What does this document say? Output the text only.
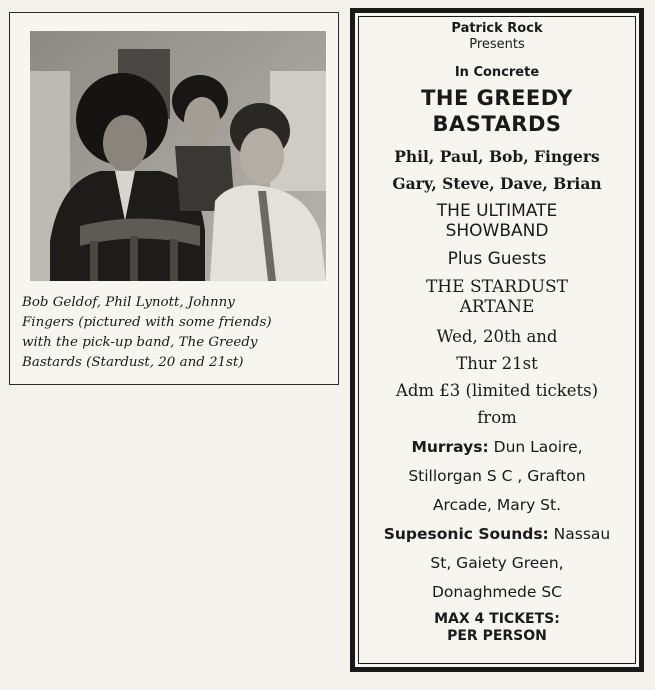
Bob Geldof, Phil Lynott, Johnny
Fingers (pictured with some friends)
with the pick-up band, The Greedy
Bastards (Stardust, 20 and 21st)
Patrick Rock
Presents
In Concrete
THE GREEDY
BASTARDS
Phil, Paul, Bob, Fingers
Gary, Steve, Dave, Brian
THE ULTIMATE
SHOWBAND
Plus Guests
THE STARDUST
ARTANE
Wed, 20th and
Thur 21st
Adm £3 (limited tickets)
from
Murrays: Dun Laoire,
Stillorgan S C , Grafton
Arcade, Mary St.
Supesonic Sounds: Nassau
St, Gaiety Green,
Donaghmede SC
MAX 4 TICKETS:
PER PERSON
